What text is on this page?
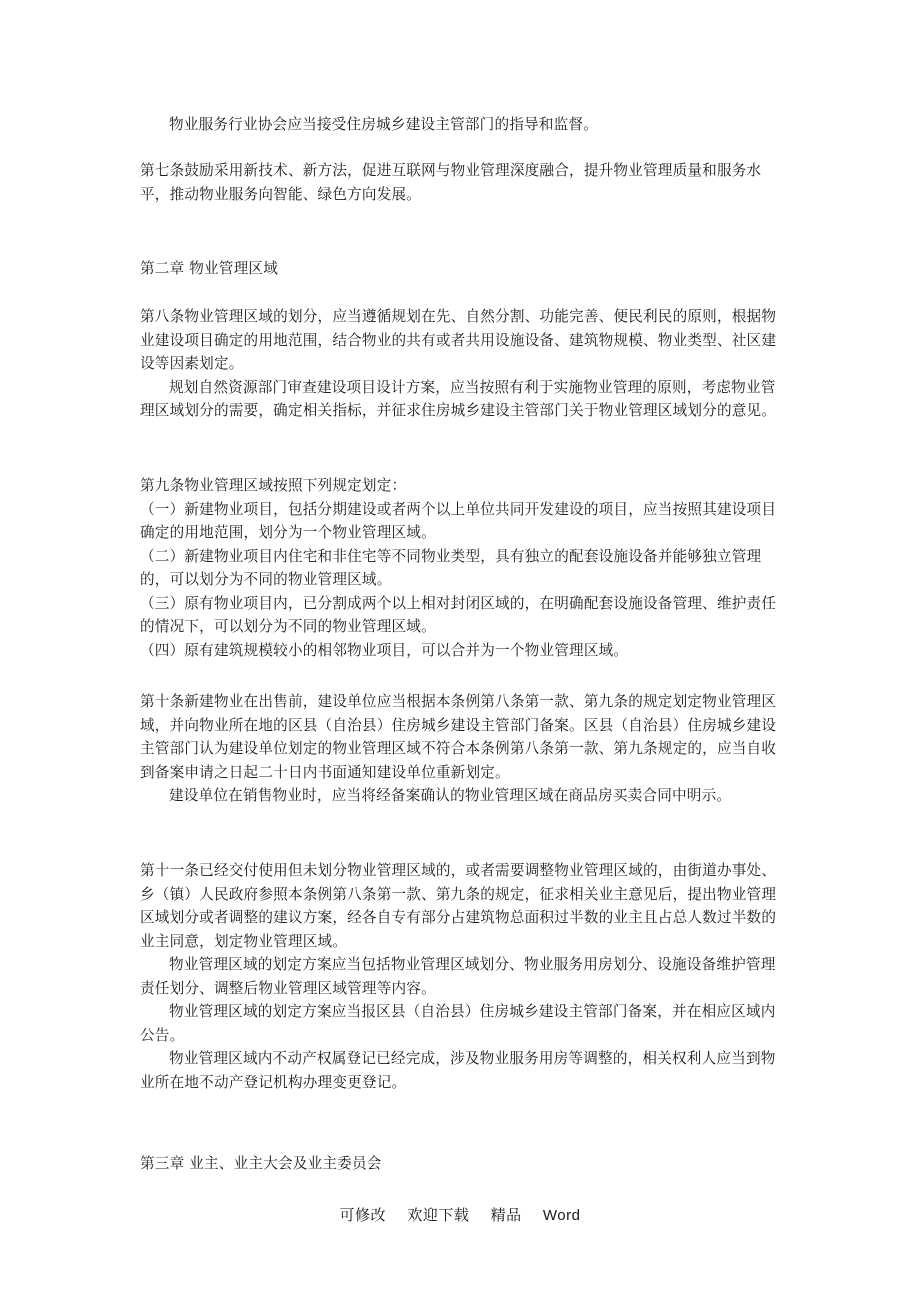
物业服务行业协会应当接受住房城乡建设主管部门的指导和监督。

第七条鼓励采用新技术、新方法，促进互联网与物业管理深度融合，提升物业管理质量和服务水平，推动物业服务向智能、绿色方向发展。

第二章 物业管理区域

第八条物业管理区域的划分，应当遵循规划在先、自然分割、功能完善、便民利民的原则，根据物业建设项目确定的用地范围，结合物业的共有或者共用设施设备、建筑物规模、物业类型、社区建设等因素划定。

规划自然资源部门审查建设项目设计方案，应当按照有利于实施物业管理的原则，考虑物业管理区域划分的需要，确定相关指标，并征求住房城乡建设主管部门关于物业管理区域划分的意见。

第九条物业管理区域按照下列规定划定：

（一）新建物业项目，包括分期建设或者两个以上单位共同开发建设的项目，应当按照其建设项目确定的用地范围，划分为一个物业管理区域。

（二）新建物业项目内住宅和非住宅等不同物业类型，具有独立的配套设施设备并能够独立管理的，可以划分为不同的物业管理区域。

（三）原有物业项目内，已分割成两个以上相对封闭区域的，在明确配套设施设备管理、维护责任的情况下，可以划分为不同的物业管理区域。

（四）原有建筑规模较小的相邻物业项目，可以合并为一个物业管理区域。

第十条新建物业在出售前，建设单位应当根据本条例第八条第一款、第九条的规定划定物业管理区域，并向物业所在地的区县（自治县）住房城乡建设主管部门备案。区县（自治县）住房城乡建设主管部门认为建设单位划定的物业管理区域不符合本条例第八条第一款、第九条规定的，应当自收到备案申请之日起二十日内书面通知建设单位重新划定。

建设单位在销售物业时，应当将经备案确认的物业管理区域在商品房买卖合同中明示。

第十一条已经交付使用但未划分物业管理区域的，或者需要调整物业管理区域的，由街道办事处、乡（镇）人民政府参照本条例第八条第一款、第九条的规定，征求相关业主意见后，提出物业管理区域划分或者调整的建议方案，经各自专有部分占建筑物总面积过半数的业主且占总人数过半数的业主同意，划定物业管理区域。

物业管理区域的划定方案应当包括物业管理区域划分、物业服务用房划分、设施设备维护管理责任划分、调整后物业管理区域管理等内容。

物业管理区域的划定方案应当报区县（自治县）住房城乡建设主管部门备案，并在相应区域内公告。

物业管理区域内不动产权属登记已经完成，涉及物业服务用房等调整的，相关权利人应当到物业所在地不动产登记机构办理变更登记。

第三章 业主、业主大会及业主委员会

可修改 欢迎下载 精品 Word
